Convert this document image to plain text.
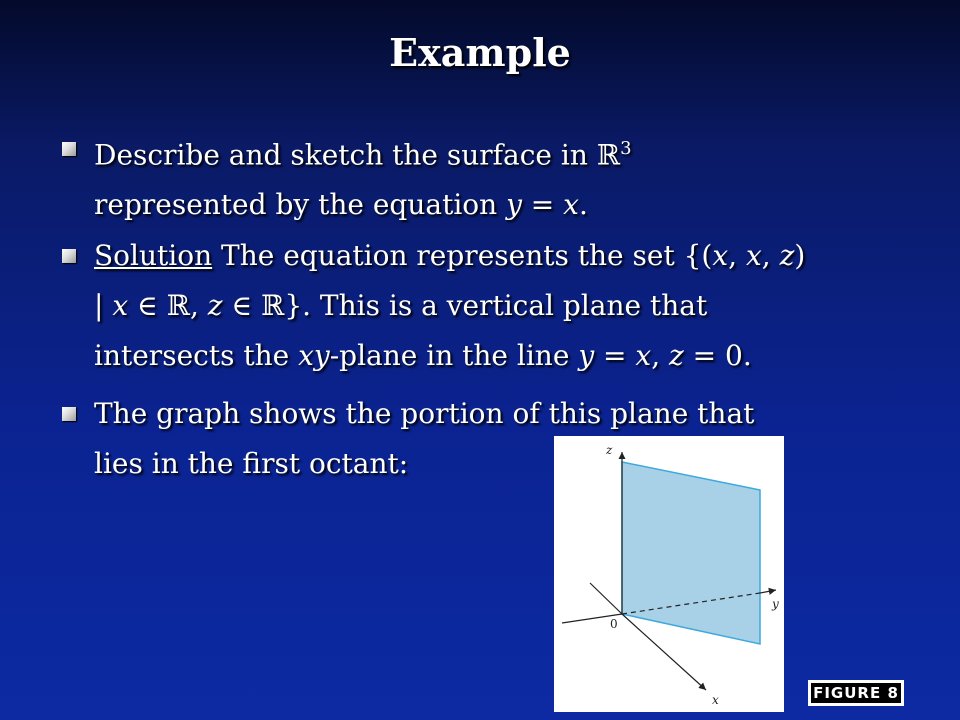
Example
Describe and sketch the surface in ℝ$^3$
represented by the equation y = x.
Solution The equation represents the set {(x, x, z)
| x ∈ ℝ, z ∈ ℝ}. This is a vertical plane that
intersects the xy-plane in the line y = x, z = 0.
The graph shows the portion of this plane that
lies in the first octant:	z
y
x
0
FIGURE 8
